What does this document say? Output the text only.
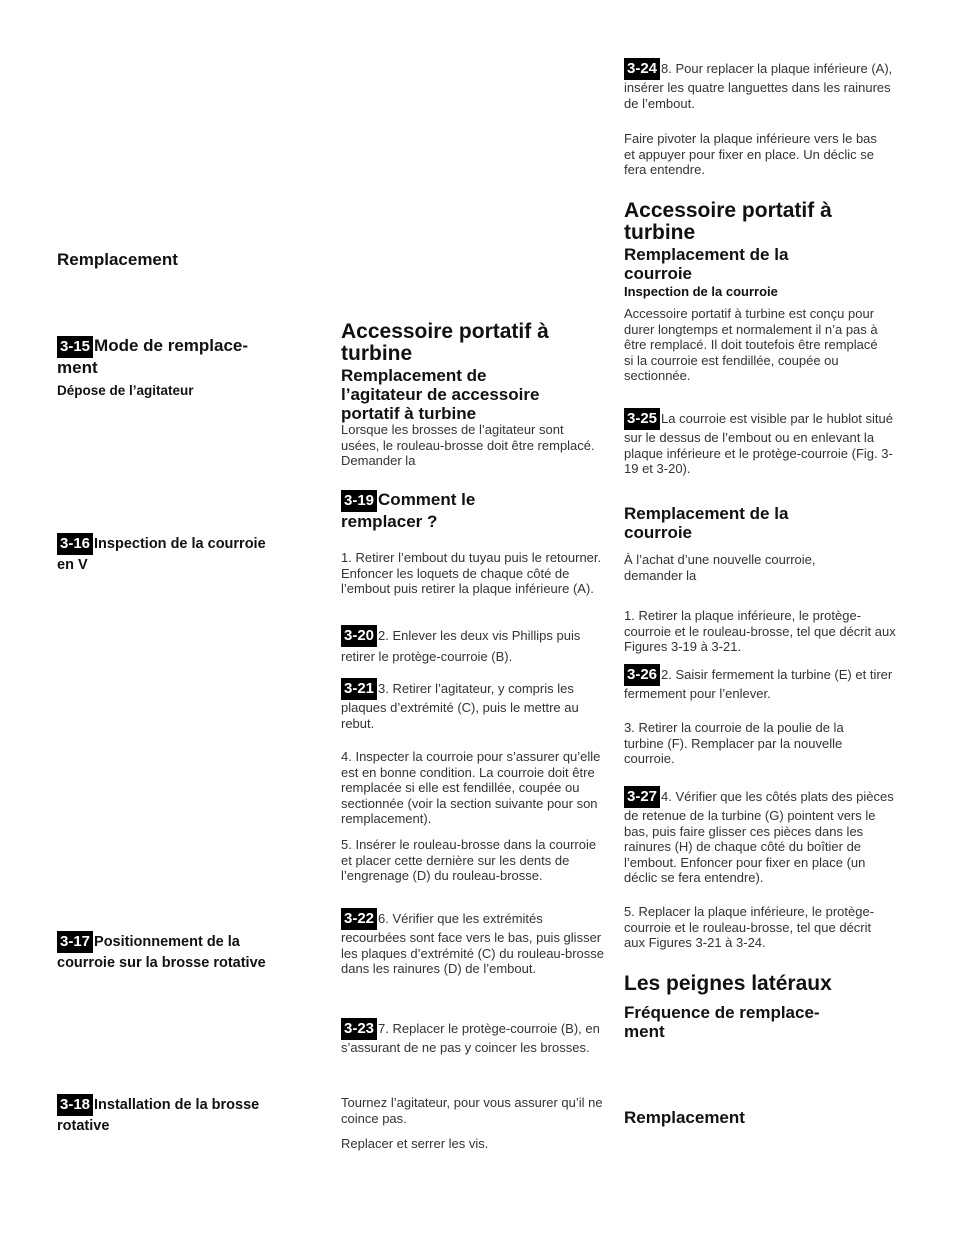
Remplacement
3-15 Mode de remplace-
ment
Dépose de l’agitateur
3-16 Inspection de la courroie
en V
3-17 Positionnement de la
courroie sur la brosse rotative
3-18 Installation de la brosse
rotative
Accessoire portatif à
turbine
Remplacement de
l’agitateur de accessoire
portatif à turbine

Lorsque les brosses de l’agitateur sont usées, le rouleau-brosse doit être remplacé. Demander la

3-19 Comment le
remplacer ?

1. Retirer l’embout du tuyau puis le retourner. Enfoncer les loquets de chaque côté de l’embout puis retirer la plaque inférieure (A).

3-20 2. Enlever les deux vis Phillips puis retirer le protège-courroie (B).

3-21 3. Retirer l’agitateur, y compris les plaques d’extrémité (C), puis le mettre au rebut.

4. Inspecter la courroie pour s’assurer qu’elle est en bonne condition. La courroie doit être remplacée si elle est fendillée, coupée ou sectionnée (voir la section suivante pour son remplacement).

5. Insérer le rouleau-brosse dans la courroie et placer cette dernière sur les dents de l’engrenage (D) du rouleau-brosse.

3-22 6. Vérifier que les extrémités recourbées sont face vers le bas, puis glisser les plaques d’extrémité (C) du rouleau-brosse dans les rainures (D) de l’embout.

3-23 7. Replacer le protège-courroie (B), en s’assurant de ne pas y coincer les brosses.

Tournez l’agitateur, pour vous assurer qu’il ne coince pas.

Replacer et serrer les vis.

3-24 8. Pour replacer la plaque inférieure (A), insérer les quatre languettes dans les rainures de l’embout.

Faire pivoter la plaque inférieure vers le bas et appuyer pour fixer en place. Un déclic se fera entendre.

Accessoire portatif à
turbine
Remplacement de la
courroie
Inspection de la courroie

Accessoire portatif à turbine est conçu pour durer longtemps et normalement il n’a pas à être remplacé. Il doit toutefois être remplacé si la courroie est fendillée, coupée ou sectionnée.

3-25 La courroie est visible par le hublot situé sur le dessus de l’embout ou en enlevant la plaque inférieure et le protège-courroie (Fig. 3-19 et 3-20).

Remplacement de la
courroie

À l’achat d’une nouvelle courroie, demander la

1. Retirer la plaque inférieure, le protège-courroie et le rouleau-brosse, tel que décrit aux Figures 3-19 à 3-21.

3-26 2. Saisir fermement la turbine (E) et tirer fermement pour l’enlever.

3. Retirer la courroie de la poulie de la turbine (F). Remplacer par la nouvelle courroie.

3-27 4. Vérifier que les côtés plats des pièces de retenue de la turbine (G) pointent vers le bas, puis faire glisser ces pièces dans les rainures (H) de chaque côté du boîtier de l’embout. Enfoncer pour fixer en place (un déclic se fera entendre).

5. Replacer la plaque inférieure, le protège-courroie et le rouleau-brosse, tel que décrit aux Figures 3-21 à 3-24.

Les peignes latéraux
Fréquence de remplace-
ment
Remplacement
